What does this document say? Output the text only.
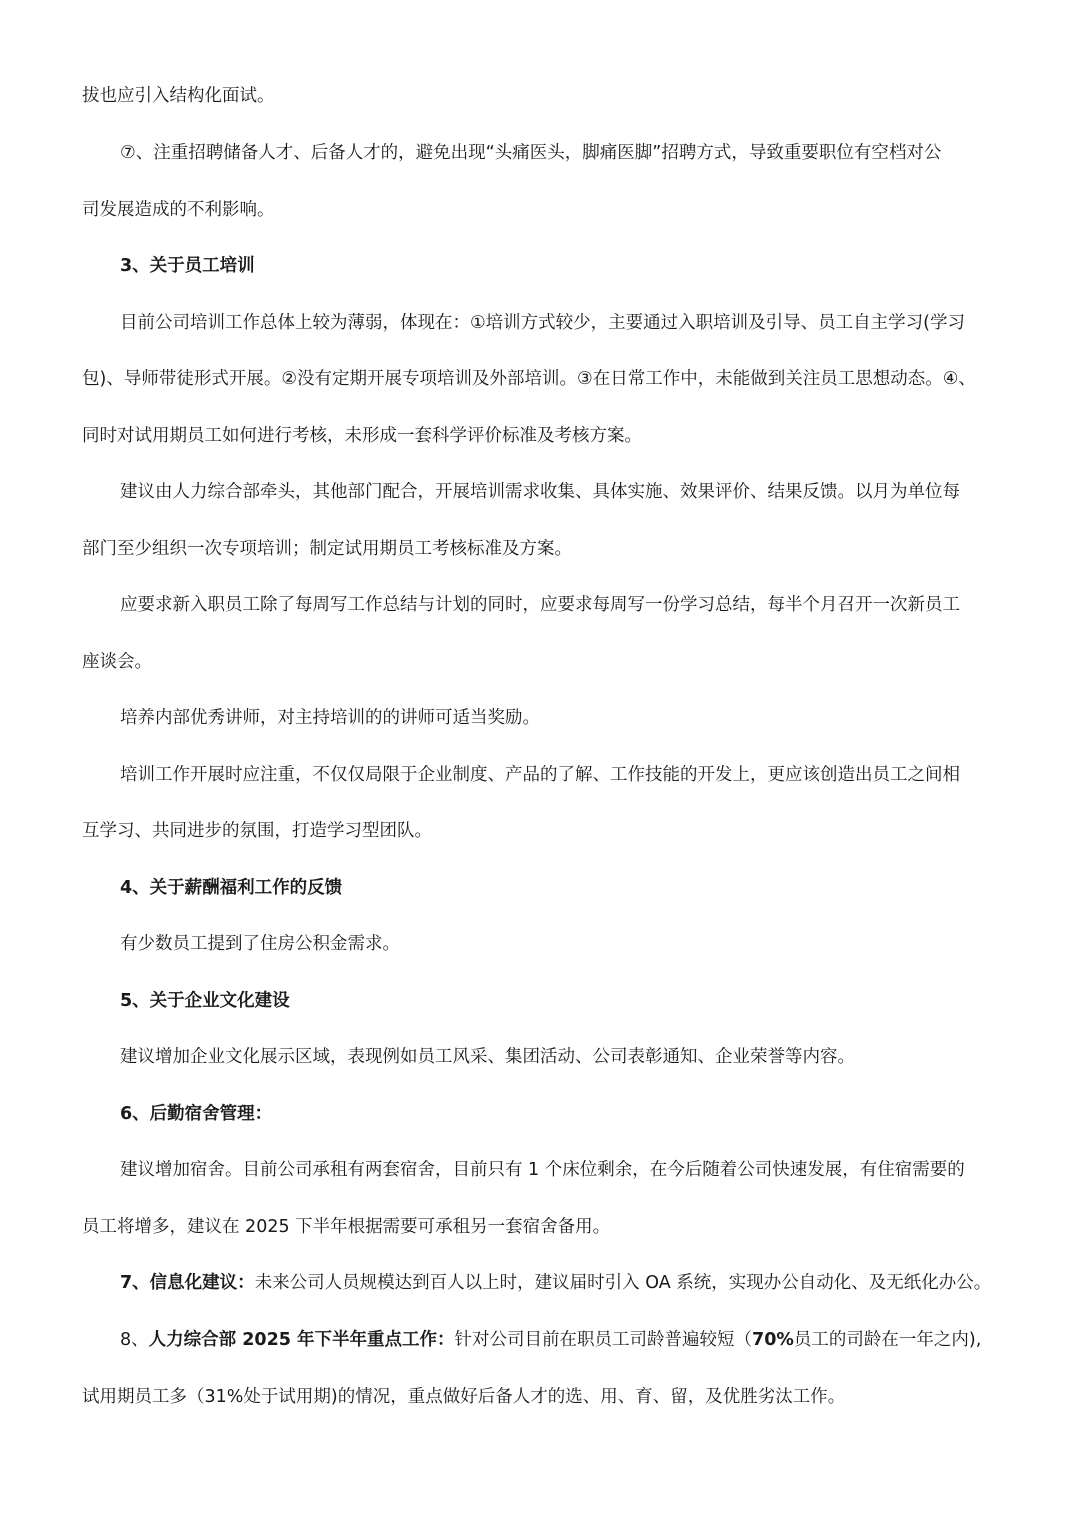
拔也应引入结构化面试。
⑦、注重招聘储备人才、后备人才的，避免出现“头痛医头，脚痛医脚”招聘方式，导致重要职位有空档对公
司发展造成的不利影响。
3、关于员工培训
目前公司培训工作总体上较为薄弱，体现在：①培训方式较少，主要通过入职培训及引导、员工自主学习(学习
包)、导师带徒形式开展。②没有定期开展专项培训及外部培训。③在日常工作中，未能做到关注员工思想动态。④、
同时对试用期员工如何进行考核，未形成一套科学评价标准及考核方案。
建议由人力综合部牵头，其他部门配合，开展培训需求收集、具体实施、效果评价、结果反馈。以月为单位每
部门至少组织一次专项培训；制定试用期员工考核标准及方案。
应要求新入职员工除了每周写工作总结与计划的同时，应要求每周写一份学习总结，每半个月召开一次新员工
座谈会。
培养内部优秀讲师，对主持培训的的讲师可适当奖励。
培训工作开展时应注重，不仅仅局限于企业制度、产品的了解、工作技能的开发上，更应该创造出员工之间相
互学习、共同进步的氛围，打造学习型团队。
4、关于薪酬福利工作的反馈
有少数员工提到了住房公积金需求。
5、关于企业文化建设
建议增加企业文化展示区域，表现例如员工风采、集团活动、公司表彰通知、企业荣誉等内容。
6、后勤宿舍管理：
建议增加宿舍。目前公司承租有两套宿舍，目前只有 1 个床位剩余，在今后随着公司快速发展，有住宿需要的
员工将增多，建议在 2025 下半年根据需要可承租另一套宿舍备用。
7、信息化建议：未来公司人员规模达到百人以上时，建议届时引入 OA 系统，实现办公自动化、及无纸化办公。
8、人力综合部 2025 年下半年重点工作：针对公司目前在职员工司龄普遍较短（70%员工的司龄在一年之内),
试用期员工多（31%处于试用期)的情况，重点做好后备人才的选、用、育、留，及优胜劣汰工作。
